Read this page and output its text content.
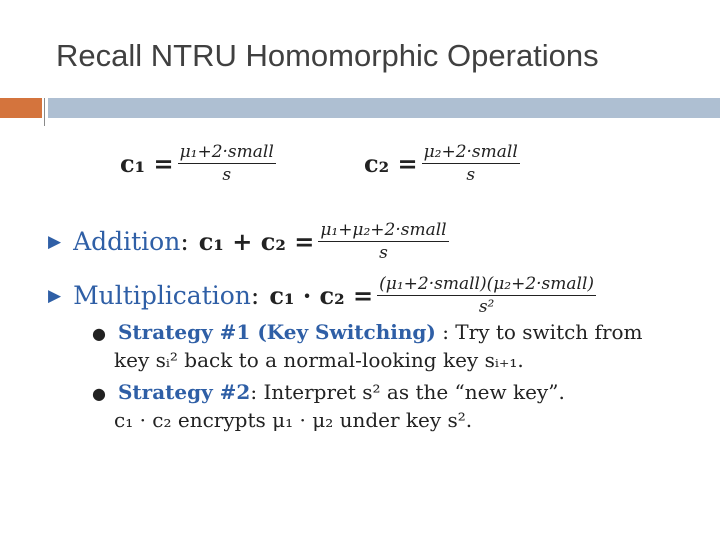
Recall NTRU Homomorphic Operations
$c_1 = \frac{\text{μ₁+2·small}}{s}$	$c_2 = \frac{\text{μ₂+2·small}}{s}$
▶ Addition : $c_1 + c_2 = \frac{\text{μ₁+μ₂+2·small}}{s}$
▶ Multiplication : $c_1 \cdot c_2 = \frac{\text{(μ₁+2·small)(μ₂+2·small)}}{\text{s²}}$
● Strategy #1 (Key Switching) : Try to switch from
key sᵢ² back to a normal-looking key sᵢ₊₁.
● Strategy #2: Interpret s² as the “new key”.
c₁ · c₂ encrypts μ₁ · μ₂ under key s².
